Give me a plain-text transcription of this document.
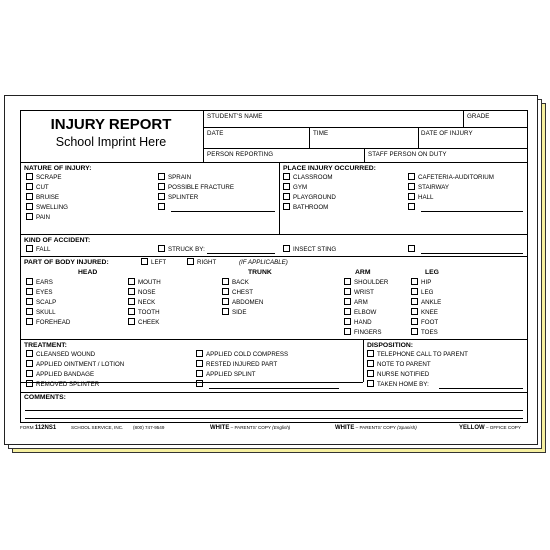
INJURY REPORT
School Imprint Here
STUDENT'S NAME	GRADE
DATE	TIME	DATE OF INJURY
PERSON REPORTING	STAFF PERSON ON DUTY
NATURE OF INJURY:
SCRAPE
CUT
BRUISE
SWELLING
PAIN
SPRAIN
POSSIBLE FRACTURE
SPLINTER
PLACE INJURY OCCURRED:
CLASSROOM
GYM
PLAYGROUND
BATHROOM
CAFETERIA-AUDITORIUM
STAIRWAY
HALL
KIND OF ACCIDENT:
FALL	STRUCK BY:	INSECT STING
PART OF BODY INJURED:	LEFT	RIGHT	(IF APPLICABLE)
HEAD	TRUNK	ARM	LEG
EARS
EYES
SCALP
SKULL
FOREHEAD
MOUTH
NOSE
NECK
TOOTH
CHEEK
BACK
CHEST
ABDOMEN
SIDE
SHOULDER
WRIST
ARM
ELBOW
HAND
FINGERS
HIP
LEG
ANKLE
KNEE
FOOT
TOES
TREATMENT:
CLEANSED WOUND
APPLIED OINTMENT / LOTION
APPLIED BANDAGE
REMOVED SPLINTER
APPLIED COLD COMPRESS
RESTED INJURED PART
APPLIED SPLINT
DISPOSITION:
TELEPHONE CALL TO PARENT
NOTE TO PARENT
NURSE NOTIFIED
TAKEN HOME BY:
COMMENTS:
FORM 112NS1	SCHOOL SERVICE, INC. (800) 747-9549	WHITE – PARENTS' COPY (English)	WHITE – PARENTS' COPY (Spanish)	YELLOW – OFFICE COPY
